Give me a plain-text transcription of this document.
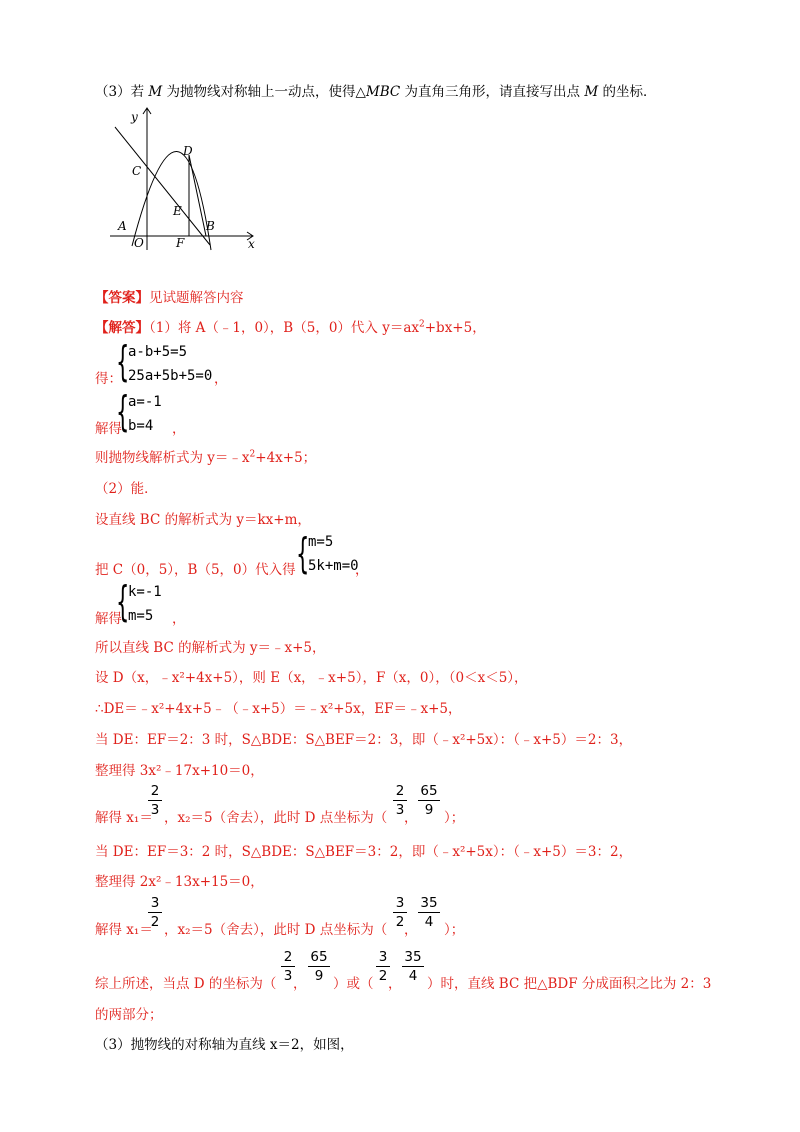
（3）若 M 为抛物线对称轴上一动点，使得△MBC 为直角三角形，请直接写出点 M 的坐标．
y
x
C
D
E
A
O	F
B
【答案】见试题解答内容
【解答】（1）将 A（﹣1，0），B（5，0）代入 $y=ax^2+bx+5$，
得：
{
a-b+5=5
25a+5b+5=0 ，
解得
{
a=-1
b=4	，
则抛物线解析式为 $y=﹣x^2+4x+5$；
（2）能．
设直线 BC 的解析式为 y＝kx+m，
把 C（0，5），B（5，0）代入得 {
m=5
5k+m=0
，
解得
{
k=-1
m=5	，
所以直线 BC 的解析式为 y＝﹣x+5，
设 D（x，﹣x²+4x+5），则 E（x，﹣x+5），F（x，0），（0＜x＜5），
∴DE＝﹣x²+4x+5﹣（﹣x+5）＝﹣x²+5x，EF＝﹣x+5，
当 DE：EF＝2：3 时，S△BDE：S△BEF＝2：3，即（﹣x²+5x）：（﹣x+5）＝2：3，
整理得 3x²﹣17x+10＝0，
解得 x₁＝
2
3 ，x₂＝5（舍去），此时 D 点坐标为（
2
3 ，
65
9 ）；
当 DE：EF＝3：2 时，S△BDE：S△BEF＝3：2，即（﹣x²+5x）：（﹣x+5）＝3：2，
整理得 2x²﹣13x+15＝0，
解得 x₁＝
3
2 ，x₂＝5（舍去），此时 D 点坐标为（
3
2 ，
35
4 ）；
综上所述，当点 D 的坐标为（
2
3 ，
65
9 ）或（
3
2 ，
35
4 ）时，直线 BC 把△BDF 分成面积之比为 2：3
的两部分；
（3）抛物线的对称轴为直线 x＝2，如图，
